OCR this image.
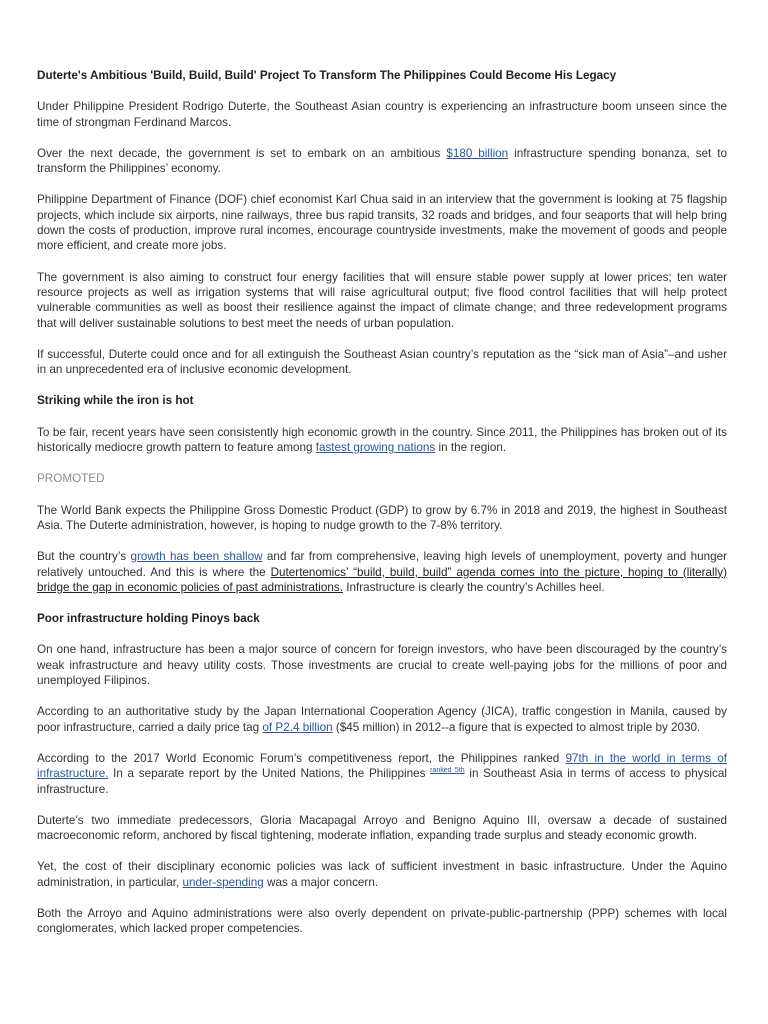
Duterte's Ambitious 'Build, Build, Build' Project To Transform The Philippines Could Become His Legacy

Under Philippine President Rodrigo Duterte, the Southeast Asian country is experiencing an infrastructure boom unseen since the time of strongman Ferdinand Marcos.

Over the next decade, the government is set to embark on an ambitious $180 billion infrastructure spending bonanza, set to transform the Philippines’ economy.

Philippine Department of Finance (DOF) chief economist Karl Chua said in an interview that the government is looking at 75 flagship projects, which include six airports, nine railways, three bus rapid transits, 32 roads and bridges, and four seaports that will help bring down the costs of production, improve rural incomes, encourage countryside investments, make the movement of goods and people more efficient, and create more jobs.

The government is also aiming to construct four energy facilities that will ensure stable power supply at lower prices; ten water resource projects as well as irrigation systems that will raise agricultural output; five flood control facilities that will help protect vulnerable communities as well as boost their resilience against the impact of climate change; and three redevelopment programs that will deliver sustainable solutions to best meet the needs of urban population.

If successful, Duterte could once and for all extinguish the Southeast Asian country’s reputation as the “sick man of Asia”–and usher in an unprecedented era of inclusive economic development.

Striking while the iron is hot

To be fair, recent years have seen consistently high economic growth in the country. Since 2011, the Philippines has broken out of its historically mediocre growth pattern to feature among fastest growing nations in the region.

PROMOTED

The World Bank expects the Philippine Gross Domestic Product (GDP) to grow by 6.7% in 2018 and 2019, the highest in Southeast Asia. The Duterte administration, however, is hoping to nudge growth to the 7-8% territory.

But the country’s growth has been shallow and far from comprehensive, leaving high levels of unemployment, poverty and hunger relatively untouched. And this is where the Dutertenomics’ “build, build, build” agenda comes into the picture, hoping to (literally) bridge the gap in economic policies of past administrations. Infrastructure is clearly the country’s Achilles heel.

Poor infrastructure holding Pinoys back

On one hand, infrastructure has been a major source of concern for foreign investors, who have been discouraged by the country’s weak infrastructure and heavy utility costs. Those investments are crucial to create well-paying jobs for the millions of poor and unemployed Filipinos.

According to an authoritative study by the Japan International Cooperation Agency (JICA), traffic congestion in Manila, caused by poor infrastructure, carried a daily price tag of P2.4 billion ($45 million) in 2012--a figure that is expected to almost triple by 2030.

According to the 2017 World Economic Forum’s competitiveness report, the Philippines ranked 97th in the world in terms of infrastructure. In a separate report by the United Nations, the Philippines $^{ranked 5th}$ in Southeast Asia in terms of access to physical infrastructure.

Duterte’s two immediate predecessors, Gloria Macapagal Arroyo and Benigno Aquino III, oversaw a decade of sustained macroeconomic reform, anchored by fiscal tightening, moderate inflation, expanding trade surplus and steady economic growth.

Yet, the cost of their disciplinary economic policies was lack of sufficient investment in basic infrastructure. Under the Aquino administration, in particular, under-spending was a major concern.

Both the Arroyo and Aquino administrations were also overly dependent on private-public-partnership (PPP) schemes with local conglomerates, which lacked proper competencies.
